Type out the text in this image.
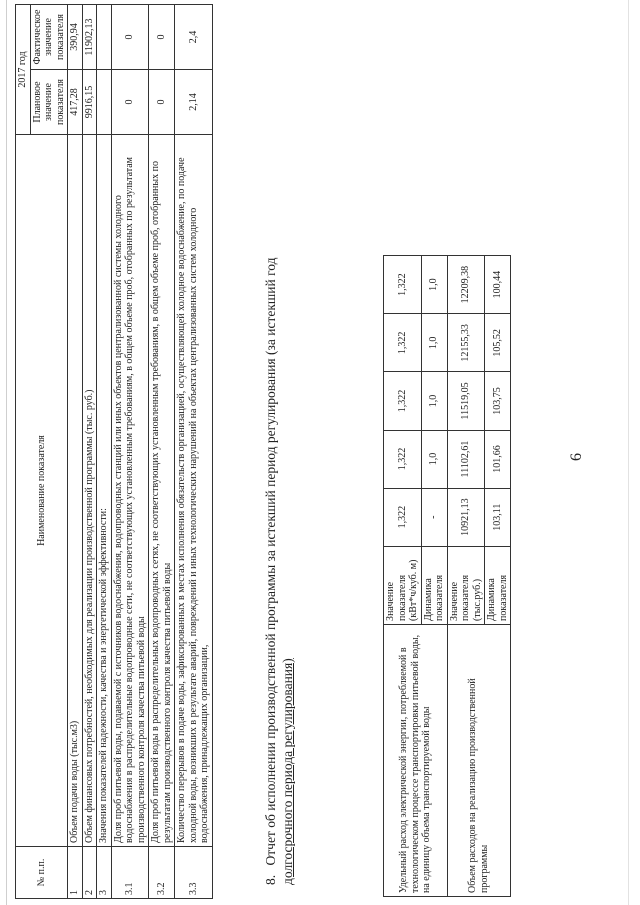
6
Удельный расход электрической энергии, потребляемой в технологическом процессе транспортировки питьевой воды, на единицу объема транспортируемой воды	Значение показателя (кВт*ч/куб. м)	1,322	1,322	1,322	1,322	1,322
	Динамика показателя	-	1,0	1,0	1,0	1,0
Объем расходов на реализацию производственной программы	Значение показателя (тыс.руб.)	10921,13	11102,61	11519,05	12155,33	12209,38
	Динамика показателя	103,11	101,66	103,75	105,52	100,44
8. Отчет об исполнении производственной программы за истекший период регулирования (за истекший год долгосрочного периода регулирования)
№ п.п.	Наименование показателя	2017 год	
		Плановое значение показателя	Фактическое значение показателя
1	Объем подачи воды (тыс.м3)	417,28	390,94
2	Объем финансовых потребностей, необходимых для реализации производственной программы (тыс. руб.)	9916,15	11902,13
3	Значения показателей надежности, качества и энергетической эффективности:		
3.1	Доля проб питьевой воды, подаваемой с источников водоснабжения, водопроводных станций или иных объектов централизованной системы холодного водоснабжения в распределительные водопроводные сети, не соответствующих установленным требованиям, в общем объеме проб, отобранных по результатам производственного контроля качества питьевой воды	0	0
3.2	Доля проб питьевой воды в распределительных водопроводных сетях, не соответствующих установленным требованиям, в общем объеме проб, отобранных по результатам производственного контроля качества питьевой воды	0	0
3.3	Количество перерывов в подаче воды, зафиксированных в местах исполнения обязательств организацией, осуществляющей холодное водоснабжение, по подаче холодной воды, возникших в результате аварий, повреждений и иных технологических нарушений на объектах централизованных систем холодного водоснабжения, принадлежащих организации,	2,14	2,4
